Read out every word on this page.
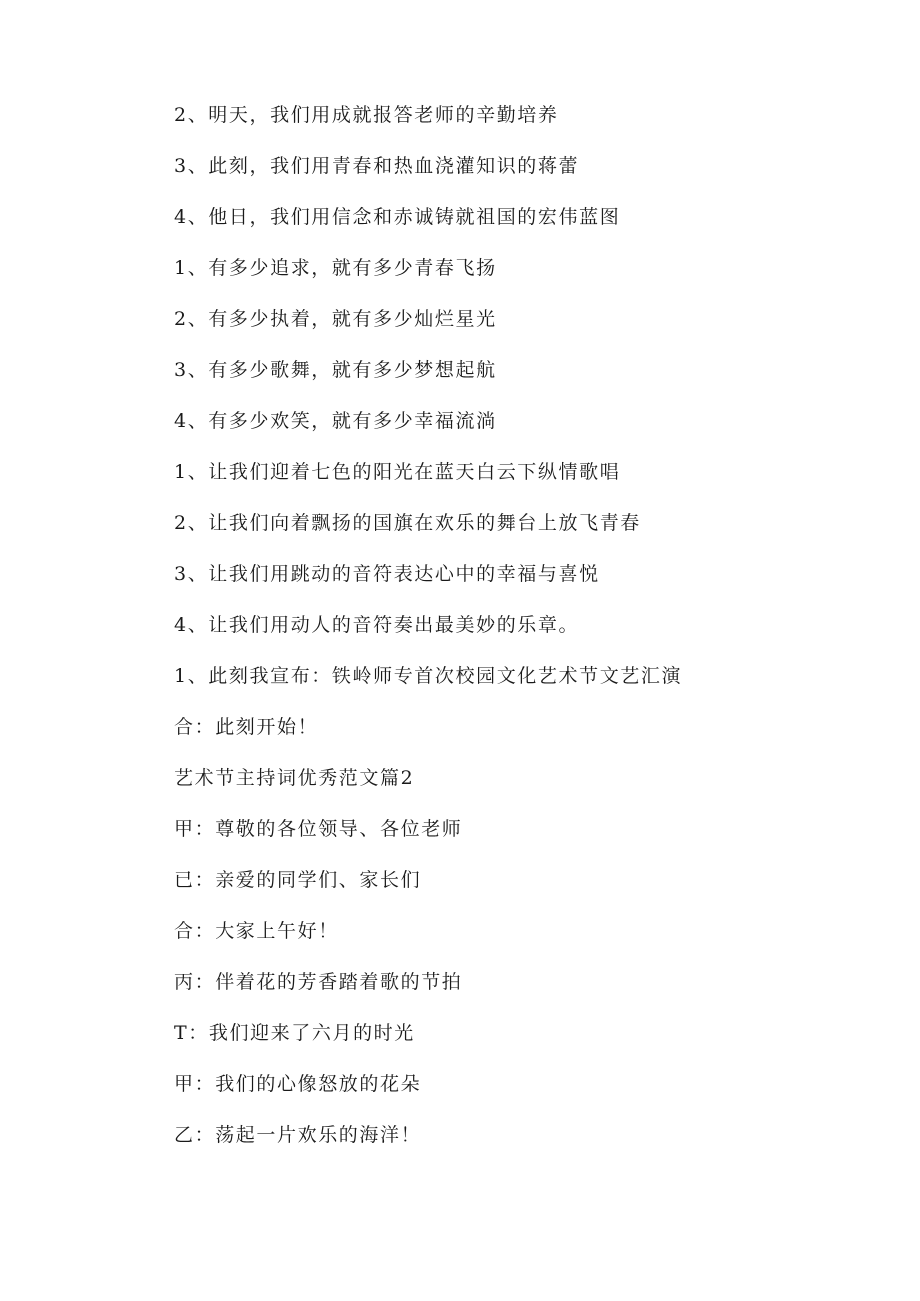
2、明天，我们用成就报答老师的辛勤培养
3、此刻，我们用青春和热血浇灌知识的蒋蕾
4、他日，我们用信念和赤诚铸就祖国的宏伟蓝图
1、有多少追求，就有多少青春飞扬
2、有多少执着，就有多少灿烂星光
3、有多少歌舞，就有多少梦想起航
4、有多少欢笑，就有多少幸福流淌
1、让我们迎着七色的阳光在蓝天白云下纵情歌唱
2、让我们向着飘扬的国旗在欢乐的舞台上放飞青春
3、让我们用跳动的音符表达心中的幸福与喜悦
4、让我们用动人的音符奏出最美妙的乐章。
1、此刻我宣布：铁岭师专首次校园文化艺术节文艺汇演
合：此刻开始！
艺术节主持词优秀范文篇2
甲：尊敬的各位领导、各位老师
已：亲爱的同学们、家长们
合：大家上午好！
丙：伴着花的芳香踏着歌的节拍
T：我们迎来了六月的时光
甲：我们的心像怒放的花朵
乙：荡起一片欢乐的海洋！
